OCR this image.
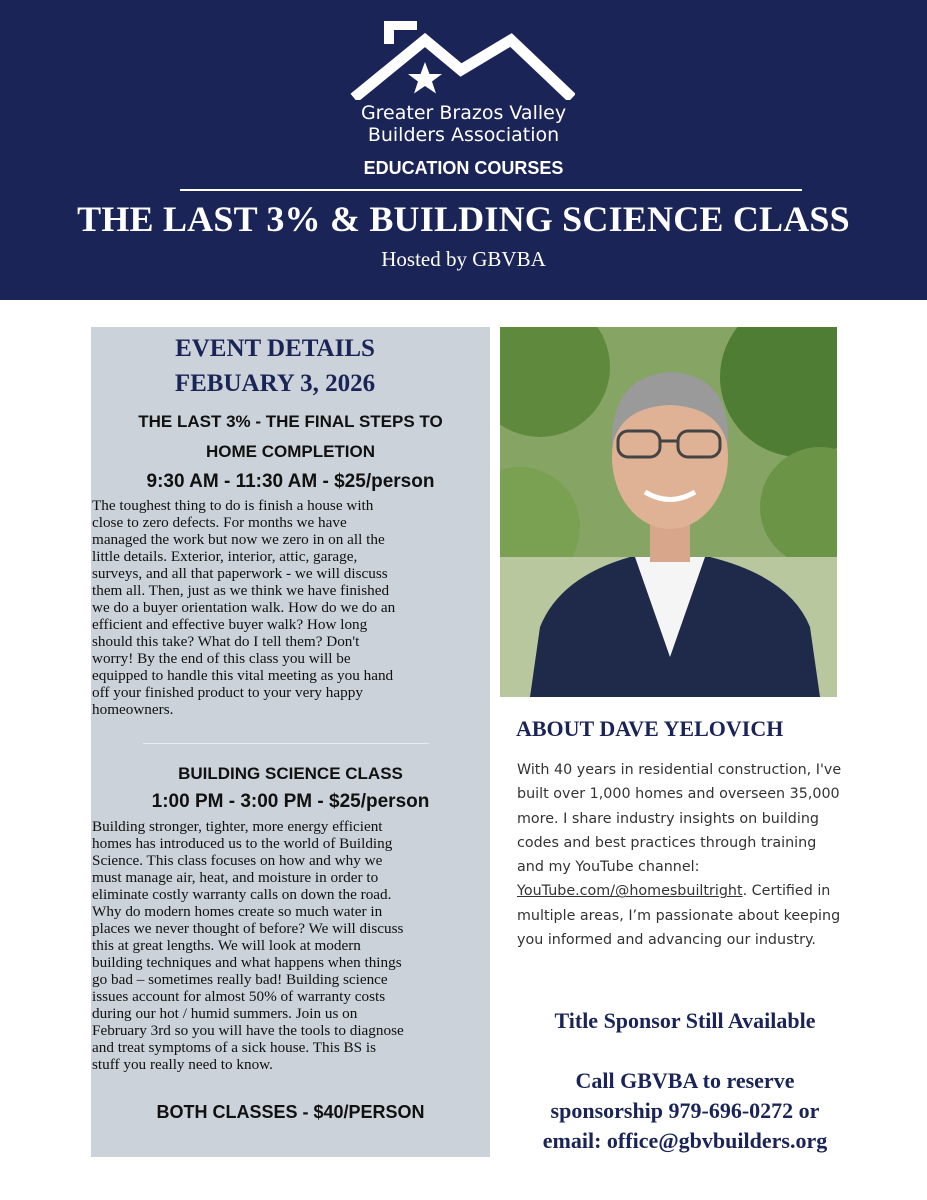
Greater Brazos Valley
Builders Association
EDUCATION COURSES
THE LAST 3% & BUILDING SCIENCE CLASS
Hosted by GBVBA
EVENT DETAILS
FEBUARY 3, 2026
THE LAST 3% - THE FINAL STEPS TO
HOME COMPLETION
9:30 AM - 11:30 AM - $25/person
The toughest thing to do is finish a house with
close to zero defects. For months we have
managed the work but now we zero in on all the
little details. Exterior, interior, attic, garage,
surveys, and all that paperwork - we will discuss
them all. Then, just as we think we have finished
we do a buyer orientation walk. How do we do an
efficient and effective buyer walk? How long
should this take? What do I tell them? Don't
worry! By the end of this class you will be
equipped to handle this vital meeting as you hand
off your finished product to your very happy
homeowners.
BUILDING SCIENCE CLASS
1:00 PM - 3:00 PM - $25/person
Building stronger, tighter, more energy efficient
homes has introduced us to the world of Building
Science. This class focuses on how and why we
must manage air, heat, and moisture in order to
eliminate costly warranty calls on down the road.
Why do modern homes create so much water in
places we never thought of before? We will discuss
this at great lengths. We will look at modern
building techniques and what happens when things
go bad – sometimes really bad! Building science
issues account for almost 50% of warranty costs
during our hot / humid summers. Join us on
February 3rd so you will have the tools to diagnose
and treat symptoms of a sick house. This BS is
stuff you really need to know.
BOTH CLASSES - $40/PERSON
ABOUT DAVE YELOVICH
With 40 years in residential construction, I've built over 1,000 homes and overseen 35,000 more. I share industry insights on building codes and best practices through training and my YouTube channel: YouTube.com/@homesbuiltright. Certified in multiple areas, I’m passionate about keeping you informed and advancing our industry.
Title Sponsor Still Available
Call GBVBA to reserve
sponsorship 979-696-0272 or
email: office@gbvbuilders.org
